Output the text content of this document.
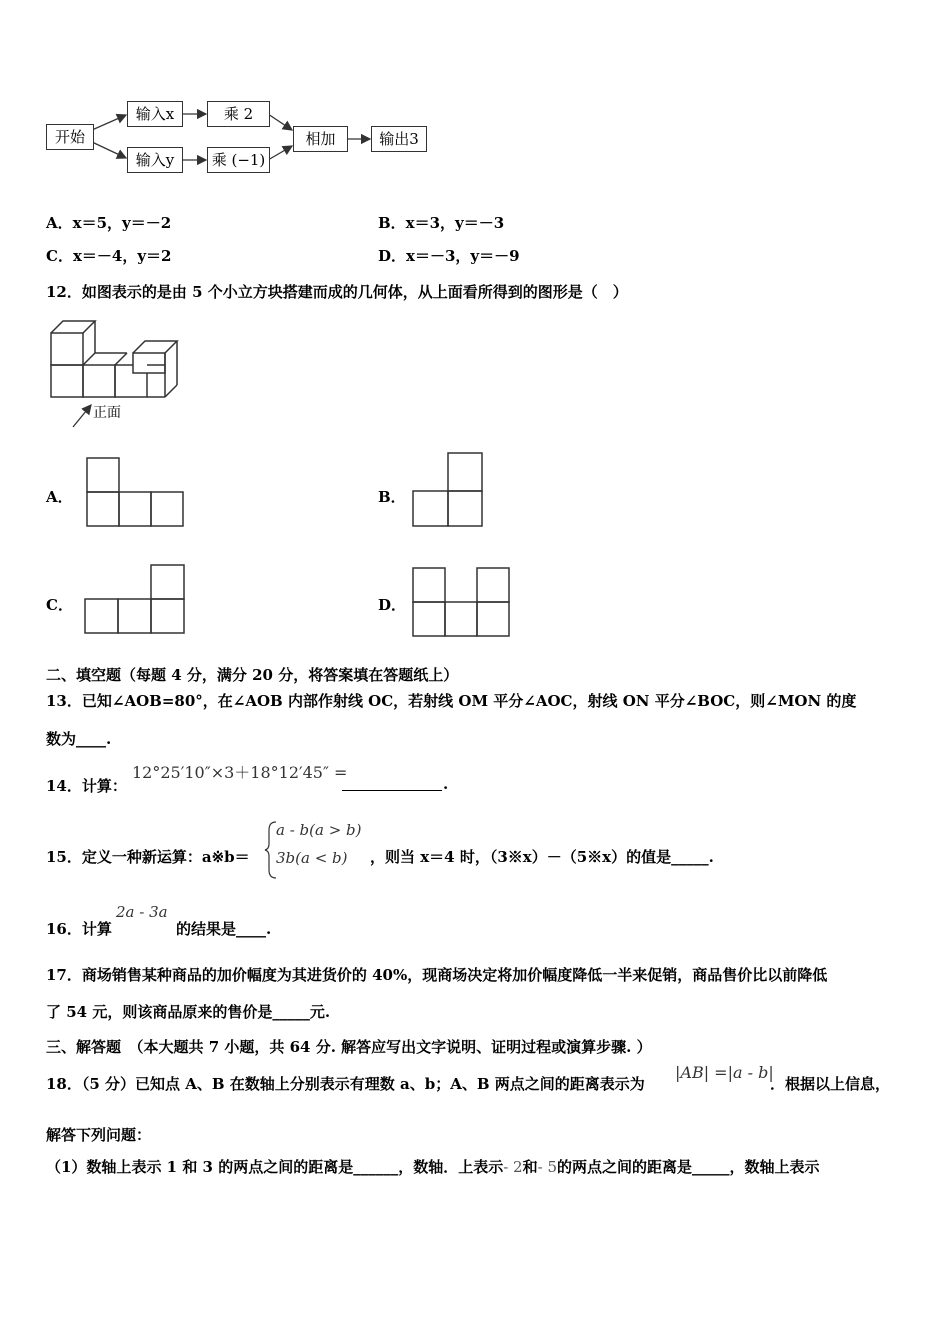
开始
输入x
输入y
乘 2
乘 (−1)
相加	输出3
A．x＝5，y＝－2	B．x＝3，y＝－3
C．x＝－4，y＝2	D．x＝－3，y＝－9
12．如图表示的是由 5 个小立方块搭建而成的几何体，从上面看所得到的图形是（　）
正面
A．	B．
C．	D．
二、填空题（每题 4 分，满分 20 分，将答案填在答题纸上）
13．已知∠AOB=80°，在∠AOB 内部作射线 OC，若射线 OM 平分∠AOC，射线 ON 平分∠BOC，则∠MON 的度
数为____.
14．计算：
12°25′10″×3＋18°12′45″ =
.
15．定义一种新运算：a※b＝
a - b(a > b)
3b(a < b) ，则当 x＝4 时，（3※x）－（5※x）的值是_____.
16．计算
2a - 3a
的结果是____.
17．商场销售某种商品的加价幅度为其进货价的 40%，现商场决定将加价幅度降低一半来促销，商品售价比以前降低
了 54 元，则该商品原来的售价是_____元.
三、解答题　（本大题共 7 小题，共 64 分. 解答应写出文字说明、证明过程或演算步骤. ）
18．（5 分）已知点 A、B 在数轴上分别表示有理数 a、b；A、B 两点之间的距离表示为
|AB| =|a - b|
．根据以上信息，
解答下列问题：
（1）数轴上表示 1 和 3 的两点之间的距离是______，数轴．上表示- 2和- 5的两点之间的距离是_____，数轴上表示
